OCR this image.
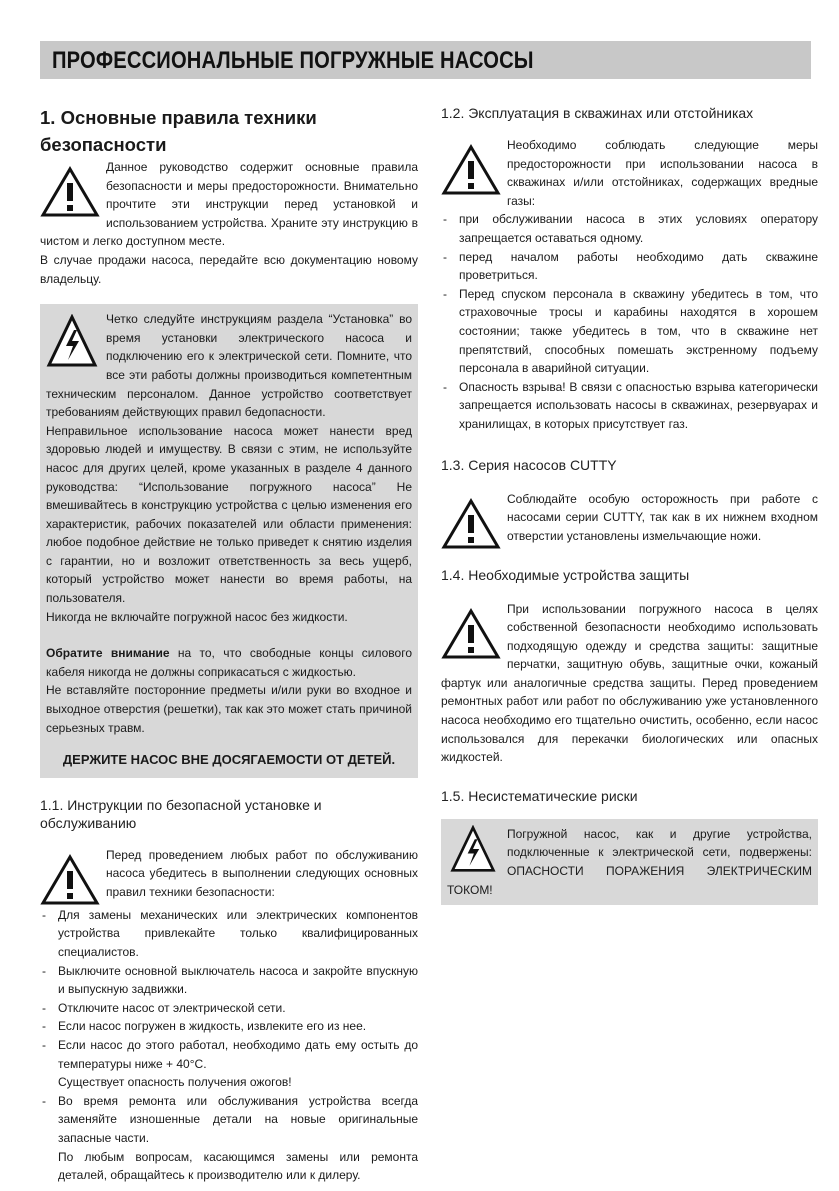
ПРОФЕССИОНАЛЬНЫЕ ПОГРУЖНЫЕ НАСОСЫ

1. Основные правила техники безопасности

Данное руководство содержит основные правила безопасности и меры предосторожности. Внимательно прочтите эти инструкции перед установкой и использованием устройства. Храните эту инструкцию в чистом и легко доступном месте.

В случае продажи насоса, передайте всю документацию новому владельцу.

Четко следуйте инструкциям раздела “Установка” во время установки электрического насоса и подключению его к электрической сети. Помните, что все эти работы должны производиться компетентным техническим персоналом. Данное устройство соответствует требованиям действующих правил бедопасности.

Неправильное использование насоса может нанести вред здоровью людей и имуществу. В связи с этим, не используйте насос для других целей, кроме указанных в разделе 4 данного руководства: “Использование погружного насоса” Не вмешивайтесь в конструкцию устройства с целью изменения его характеристик, рабочих показателей или области применения: любое подобное действие не только приведет к снятию изделия с гарантии, но и возложит ответственность за весь ущерб, который устройство может нанести во время работы, на пользователя.

Никогда не включайте погружной насос без жидкости.

Обратите внимание на то, что свободные концы силового кабеля никогда не должны соприкасаться с жидкостью.

Не вставляйте посторонние предметы и/или руки во входное и выходное отверстия (решетки), так как это может стать причиной серьезных травм.

ДЕРЖИТЕ НАСОС ВНЕ ДОСЯГАЕМОСТИ ОТ ДЕТЕЙ.

1.1. Инструкции по безопасной установке и обслуживанию

Перед проведением любых работ по обслуживанию насоса убедитесь в выполнении следующих основных правил техники безопасности:

- Для замены механических или электрических компонентов устройства привлекайте только квалифицированных специалистов.
- Выключите основной выключатель насоса и закройте впускную и выпускную задвижки.
- Отключите насос от электрической сети.
- Если насос погружен в жидкость, извлеките его из нее.
- Если насос до этого работал, необходимо дать ему остыть до температуры ниже + 40°C.

Существует опасность получения ожогов!

- Во время ремонта или обслуживания устройства всегда заменяйте изношенные детали на новые оригинальные запасные части.

По любым вопросам, касающимся замены или ремонта деталей, обращайтесь к производителю или к дилеру.

1.2. Эксплуатация в скважинах или отстойниках

Необходимо соблюдать следующие меры предосторожности при использовании насоса в скважинах и/или отстойниках, содержащих вредные газы:

- при обслуживании насоса в этих условиях оператору запрещается оставаться одному.
- перед началом работы необходимо дать скважине проветриться.
- Перед спуском персонала в скважину убедитесь в том, что страховочные тросы и карабины находятся в хорошем состоянии; также убедитесь в том, что в скважине нет препятствий, способных помешать экстренному подъему персонала в аварийной ситуации.
- Опасность взрыва! В связи с опасностью взрыва категорически запрещается использовать насосы в скважинах, резервуарах и хранилищах, в которых присутствует газ.

1.3. Серия насосов CUTTY

Соблюдайте особую осторожность при работе с насосами серии CUTTY, так как в их нижнем входном отверстии установлены измельчающие ножи.

1.4. Необходимые устройства защиты

При использовании погружного насоса в целях собственной безопасности необходимо использовать подходящую одежду и средства защиты: защитные перчатки, защитную обувь, защитные очки, кожаный фартук или аналогичные средства защиты. Перед проведением ремонтных работ или работ по обслуживанию уже установленного насоса необходимо его тщательно очистить, особенно, если насос использовался для перекачки биологических или опасных жидкостей.

1.5. Несистематические риски

Погружной насос, как и другие устройства, подключенные к электрической сети, подвержены: ОПАСНОСТИ ПОРАЖЕНИЯ ЭЛЕКТРИЧЕСКИМ ТОКОМ!
